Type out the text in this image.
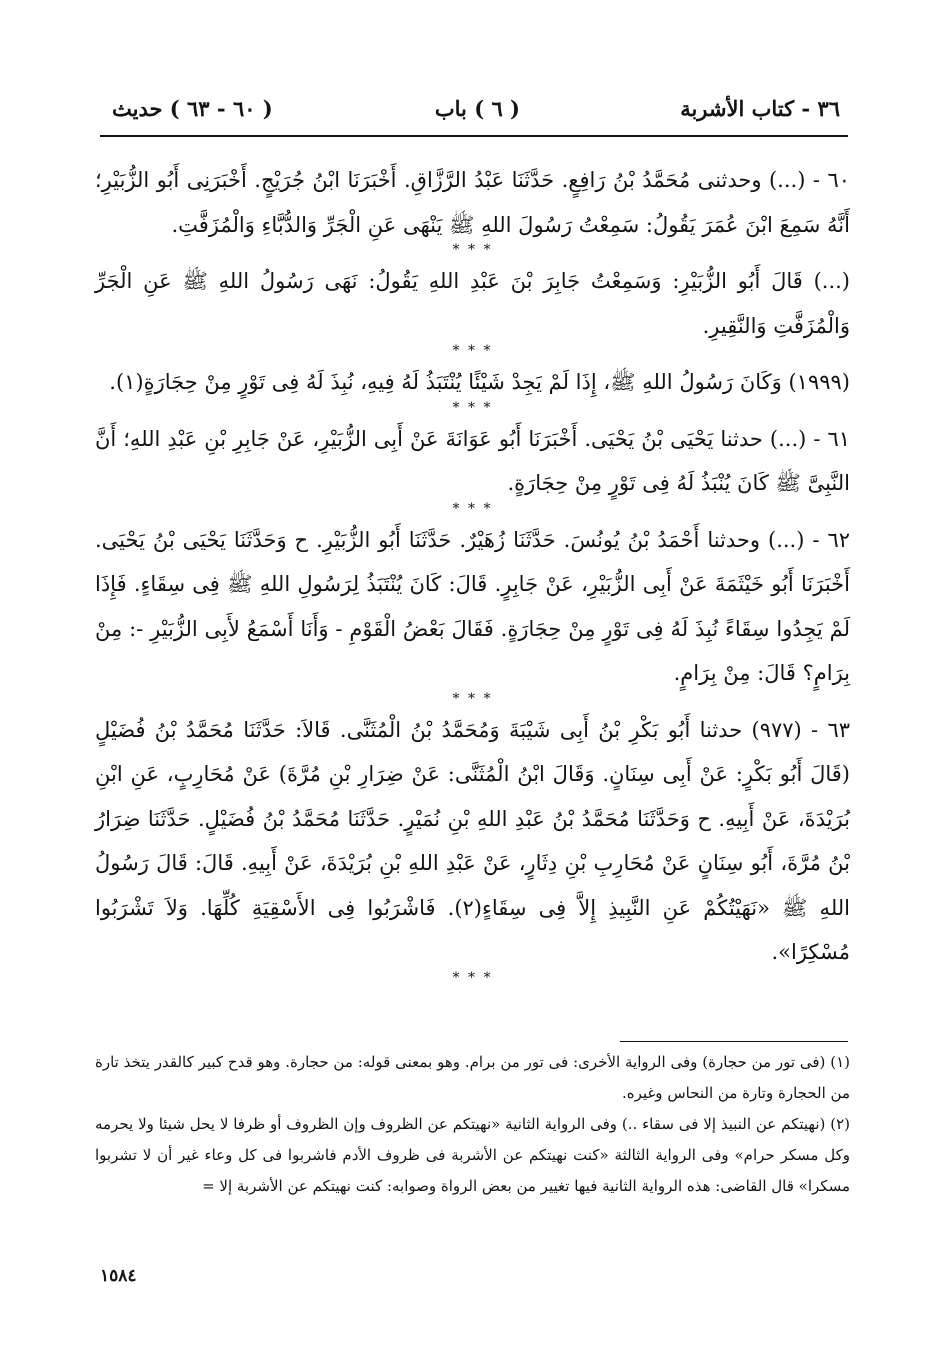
٣٦ - كتاب الأشربة
( ٦ ) باب
( ٦٠ - ٦٣ ) حديث

٦٠ - (...) وحدثنى مُحَمَّدُ بْنُ رَافِعٍ. حَدَّثَنَا عَبْدُ الرَّزَّاقِ. أَخْبَرَنَا ابْنُ جُرَيْجٍ. أَخْبَرَنِى أَبُو الزُّبَيْرِ؛ أَنَّهُ سَمِعَ ابْنَ عُمَرَ يَقُولُ: سَمِعْتُ رَسُولَ اللهِ ﷺ يَنْهَى عَنِ الْجَرِّ وَالدُّبَّاءِ وَالْمُزَفَّتِ.

* * *

(...) قَالَ أَبُو الزُّبَيْرِ: وَسَمِعْتُ جَابِرَ بْنَ عَبْدِ اللهِ يَقُولُ: نَهَى رَسُولُ اللهِ ﷺ عَنِ الْجَرِّ وَالْمُزَفَّتِ وَالنَّقِيرِ.

* * *

(١٩٩٩) وَكَانَ رَسُولُ اللهِ ﷺ، إِذَا لَمْ يَجِدْ شَيْئًا يُنْتَبَذُ لَهُ فِيهِ، نُبِذَ لَهُ فِى تَوْرٍ مِنْ حِجَارَةٍ(١).

* * *

٦١ - (...) حدثنا يَحْيَى بْنُ يَحْيَى. أَخْبَرَنَا أَبُو عَوَانَةَ عَنْ أَبِى الزُّبَيْرِ، عَنْ جَابِرِ بْنِ عَبْدِ اللهِ؛ أَنَّ النَّبِىَّ ﷺ كَانَ يُنْبَذُ لَهُ فِى تَوْرٍ مِنْ حِجَارَةٍ.

* * *

٦٢ - (...) وحدثنا أَحْمَدُ بْنُ يُونُسَ. حَدَّثَنَا زُهَيْرٌ. حَدَّثَنَا أَبُو الزُّبَيْرِ. ح وَحَدَّثَنَا يَحْيَى بْنُ يَحْيَى. أَخْبَرَنَا أَبُو خَيْثَمَةَ عَنْ أَبِى الزُّبَيْرِ، عَنْ جَابِرٍ. قَالَ: كَانَ يُنْتَبَذُ لِرَسُولِ اللهِ ﷺ فِى سِقَاءٍ. فَإِذَا لَمْ يَجِدُوا سِقَاءً نُبِذَ لَهُ فِى تَوْرٍ مِنْ حِجَارَةٍ. فَقَالَ بَعْضُ الْقَوْمِ - وَأَنَا أَسْمَعُ لأَبِى الزُّبَيْرِ -: مِنْ بِرَامٍ؟ قَالَ: مِنْ بِرَامٍ.

* * *

٦٣ - (٩٧٧) حدثنا أَبُو بَكْرِ بْنُ أَبِى شَيْبَةَ وَمُحَمَّدُ بْنُ الْمُثَنَّى. قَالاَ: حَدَّثَنَا مُحَمَّدُ بْنُ فُضَيْلٍ (قَالَ أَبُو بَكْرٍ: عَنْ أَبِى سِنَانٍ. وَقَالَ ابْنُ الْمُثَنَّى: عَنْ ضِرَارِ بْنِ مُرَّةَ) عَنْ مُحَارِبٍ، عَنِ ابْنِ بُرَيْدَةَ، عَنْ أَبِيهِ. ح وَحَدَّثَنَا مُحَمَّدُ بْنُ عَبْدِ اللهِ بْنِ نُمَيْرٍ. حَدَّثَنَا مُحَمَّدُ بْنُ فُضَيْلٍ. حَدَّثَنَا ضِرَارُ بْنُ مُرَّةَ، أَبُو سِنَانٍ عَنْ مُحَارِبِ بْنِ دِثَارٍ، عَنْ عَبْدِ اللهِ بْنِ بُرَيْدَةَ، عَنْ أَبِيهِ. قَالَ: قَالَ رَسُولُ اللهِ ﷺ «نَهَيْتُكُمْ عَنِ النَّبِيذِ إِلاَّ فِى سِقَاءٍ(٢). فَاشْرَبُوا فِى الأَسْقِيَةِ كُلِّهَا. وَلاَ تَشْرَبُوا مُسْكِرًا».

* * *

(١) (فى تور من حجارة) وفى الرواية الأخرى: فى تور من برام. وهو بمعنى قوله: من حجارة. وهو قدح كبير كالقدر يتخذ تارة من الحجارة وتارة من النحاس وغيره.

(٢) (نهيتكم عن النبيذ إلا فى سقاء ..) وفى الرواية الثانية «نهيتكم عن الظروف وإن الظروف أو ظرفا لا يحل شيئا ولا يحرمه وكل مسكر حرام» وفى الرواية الثالثة «كنت نهيتكم عن الأشربة فى ظروف الأدم فاشربوا فى كل وعاء غير أن لا تشربوا مسكرا» قال القاضى: هذه الرواية الثانية فيها تغيير من بعض الرواة وصوابه: كنت نهيتكم عن الأشربة إلا =

١٥٨٤
